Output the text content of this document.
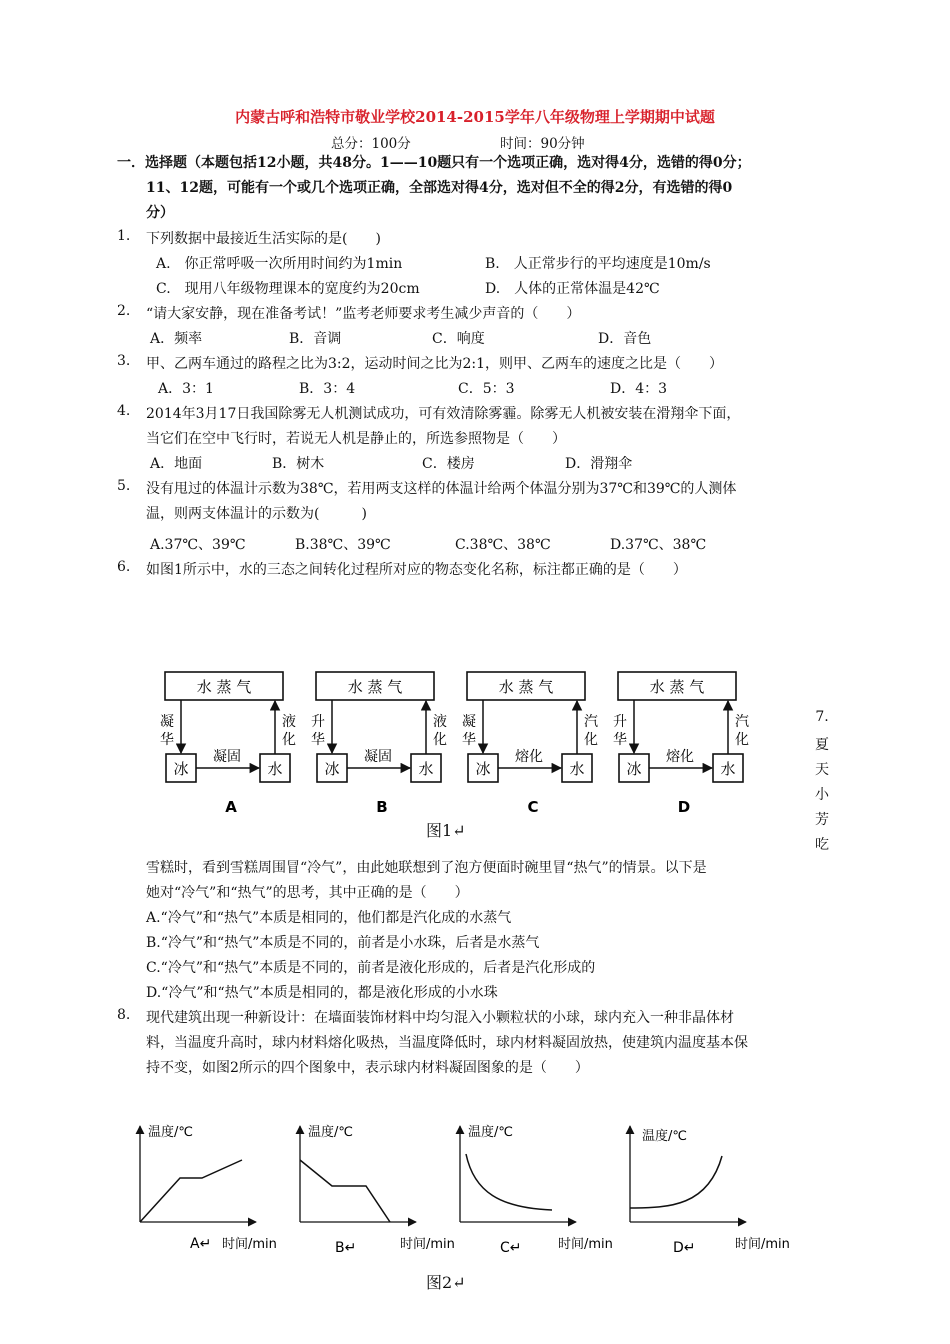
内蒙古呼和浩特市敬业学校2014-2015学年八年级物理上学期期中试题
总分：100分	时间：90分钟
一．选择题（本题包括12小题，共48分。1——10题只有一个选项正确，选对得4分，选错的得0分；
11、12题，可能有一个或几个选项正确，全部选对得4分，选对但不全的得2分，有选错的得0
分）
1. 下列数据中最接近生活实际的是(　　)
A.　你正常呼吸一次所用时间约为1min	B.　人正常步行的平均速度是10m/s
C.　现用八年级物理课本的宽度约为20cm	D.　人体的正常体温是42℃
2. “请大家安静，现在准备考试！”监考老师要求考生减少声音的（　　）
A．频率	B．音调	C．响度	D．音色
3. 甲、乙两车通过的路程之比为3:2，运动时间之比为2:1，则甲、乙两车的速度之比是（　　）
A．3：1	B．3：4	C．5：3	D．4：3
4. 2014年3月17日我国除雾无人机测试成功，可有效清除雾霾。除雾无人机被安装在滑翔伞下面，
当它们在空中飞行时，若说无人机是静止的，所选参照物是（　　）
A．地面	B．树木	C．楼房	D．滑翔伞
5. 没有甩过的体温计示数为38℃，若用两支这样的体温计给两个体温分别为37℃和39℃的人测体
温，则两支体温计的示数为(　　　)
A.37℃、39℃	B.38℃、39℃	C.38℃、38℃	D.37℃、38℃
6. 如图1所示中，水的三态之间转化过程所对应的物态变化名称，标注都正确的是（　　）
水 蒸 气
冰	水
凝
华
液
化
凝固
A
水 蒸 气
冰	水
升
华
液
化
凝固
B
水 蒸 气
冰	水
凝
华
汽
化
熔化
C
水 蒸 气
冰	水
升
华
汽
化
熔化
D
图1↵
7.
夏
天
小
芳
吃
雪糕时，看到雪糕周围冒“冷气”，由此她联想到了泡方便面时碗里冒“热气”的情景。以下是
她对“冷气”和“热气”的思考，其中正确的是（　　）
A.“冷气”和“热气”本质是相同的，他们都是汽化成的水蒸气
B.“冷气”和“热气”本质是不同的，前者是小水珠，后者是水蒸气
C.“冷气”和“热气”本质是不同的，前者是液化形成的，后者是汽化形成的
D.“冷气”和“热气”本质是相同的，都是液化形成的小水珠
8. 现代建筑出现一种新设计：在墙面装饰材料中均匀混入小颗粒状的小球，球内充入一种非晶体材
料，当温度升高时，球内材料熔化吸热，当温度降低时，球内材料凝固放热，使建筑内温度基本保
持不变，如图2所示的四个图象中，表示球内材料凝固图象的是（　　）
温度/℃
时间/min
A↵
温度/℃
时间/min
B↵
温度/℃
时间/min
C↵
温度/℃
时间/min
D↵
图2↵
